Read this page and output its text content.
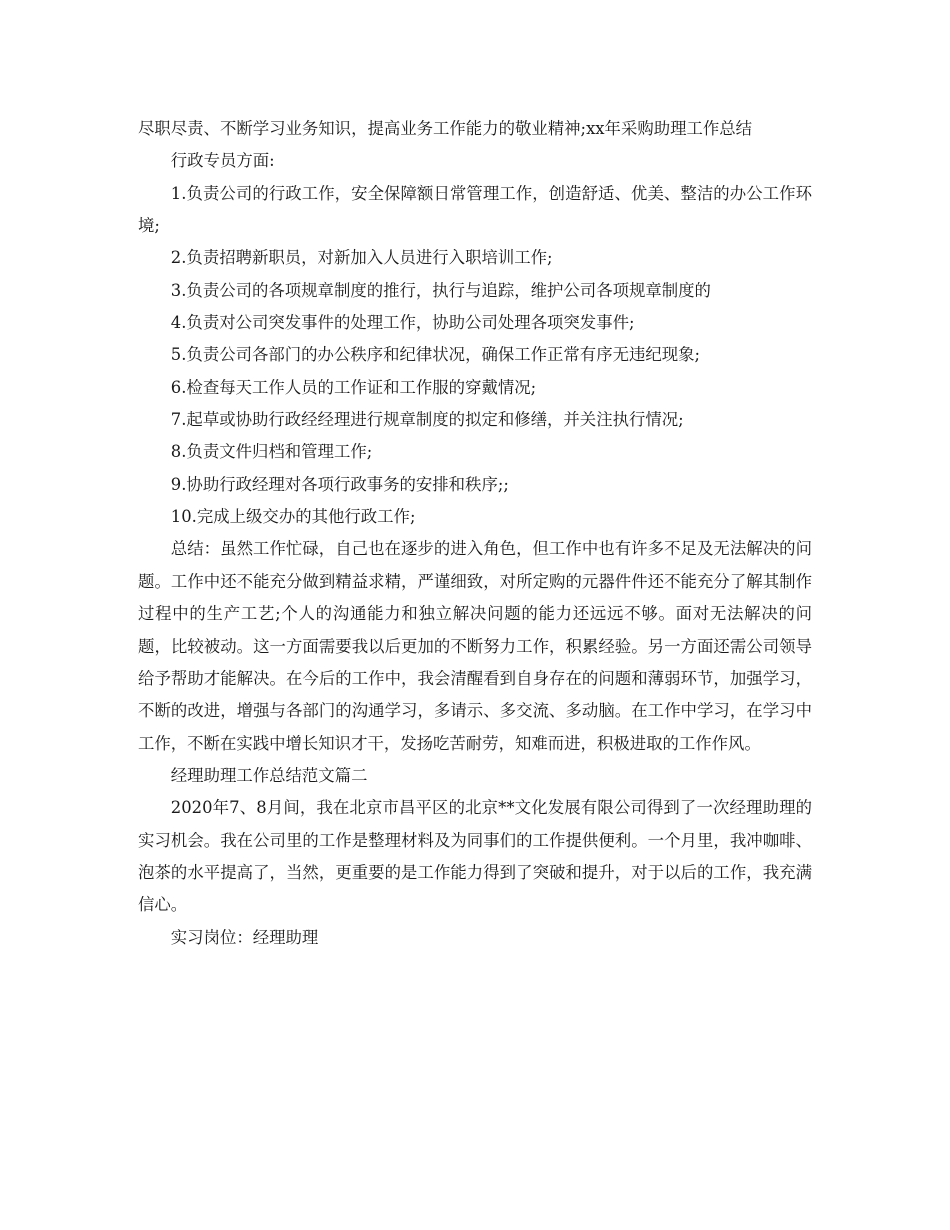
尽职尽责、不断学习业务知识，提高业务工作能力的敬业精神;xx年采购助理工作总结

行政专员方面:

1.负责公司的行政工作，安全保障额日常管理工作，创造舒适、优美、整洁的办公工作环境;

2.负责招聘新职员，对新加入人员进行入职培训工作;

3.负责公司的各项规章制度的推行，执行与追踪，维护公司各项规章制度的

4.负责对公司突发事件的处理工作，协助公司处理各项突发事件;

5.负责公司各部门的办公秩序和纪律状况，确保工作正常有序无违纪现象;

6.检查每天工作人员的工作证和工作服的穿戴情况;

7.起草或协助行政经经理进行规章制度的拟定和修缮，并关注执行情况;

8.负责文件归档和管理工作;

9.协助行政经理对各项行政事务的安排和秩序;;

10.完成上级交办的其他行政工作;

总结：虽然工作忙碌，自己也在逐步的进入角色，但工作中也有许多不足及无法解决的问题。工作中还不能充分做到精益求精，严谨细致，对所定购的元器件件还不能充分了解其制作过程中的生产工艺;个人的沟通能力和独立解决问题的能力还远远不够。面对无法解决的问题，比较被动。这一方面需要我以后更加的不断努力工作，积累经验。另一方面还需公司领导给予帮助才能解决。在今后的工作中，我会清醒看到自身存在的问题和薄弱环节，加强学习，不断的改进，增强与各部门的沟通学习，多请示、多交流、多动脑。在工作中学习，在学习中工作，不断在实践中增长知识才干，发扬吃苦耐劳，知难而进，积极进取的工作作风。

经理助理工作总结范文篇二

2020年7、8月间，我在北京市昌平区的北京**文化发展有限公司得到了一次经理助理的实习机会。我在公司里的工作是整理材料及为同事们的工作提供便利。一个月里，我冲咖啡、泡茶的水平提高了，当然，更重要的是工作能力得到了突破和提升，对于以后的工作，我充满信心。

实习岗位：经理助理
